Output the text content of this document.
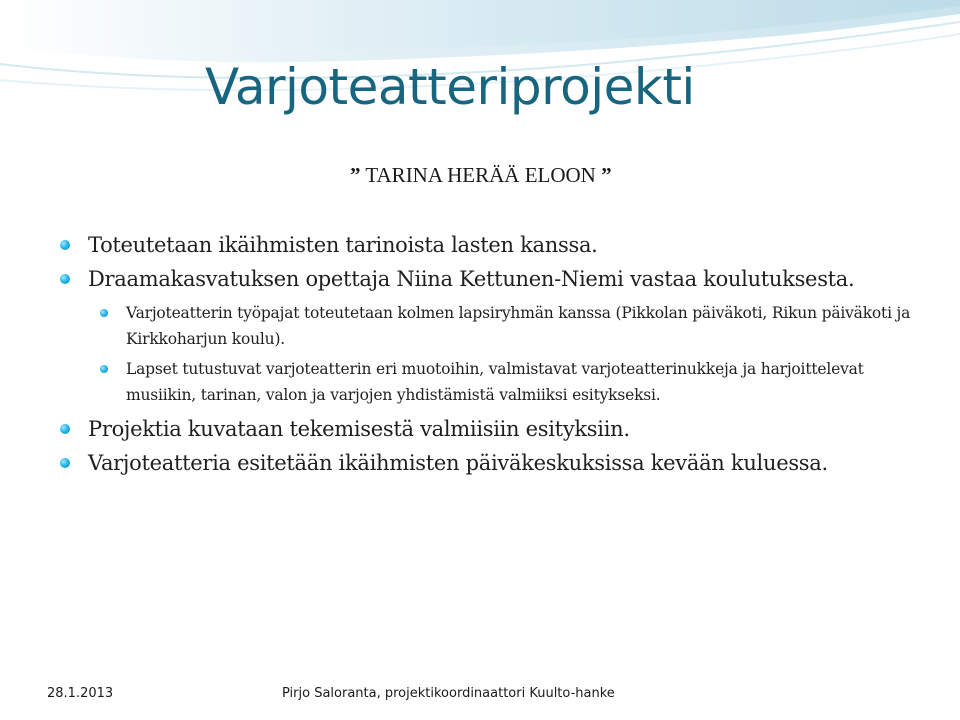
Varjoteatteriprojekti
” TARINA HERÄÄ ELOON ”
Toteutetaan ikäihmisten tarinoista lasten kanssa.
Draamakasvatuksen opettaja Niina Kettunen-Niemi vastaa koulutuksesta.
Varjoteatterin työpajat toteutetaan kolmen lapsiryhmän kanssa (Pikkolan päiväkoti, Rikun päiväkoti ja Kirkkoharjun koulu).
Lapset tutustuvat varjoteatterin eri muotoihin, valmistavat varjoteatterinukkeja ja harjoittelevat musiikin, tarinan, valon ja varjojen yhdistämistä valmiiksi esitykseksi.
Projektia kuvataan tekemisestä valmiisiin esityksiin.
Varjoteatteria esitetään ikäihmisten päiväkeskuksissa kevään kuluessa.
28.1.2013	Pirjo Saloranta, projektikoordinaattori Kuulto-hanke
